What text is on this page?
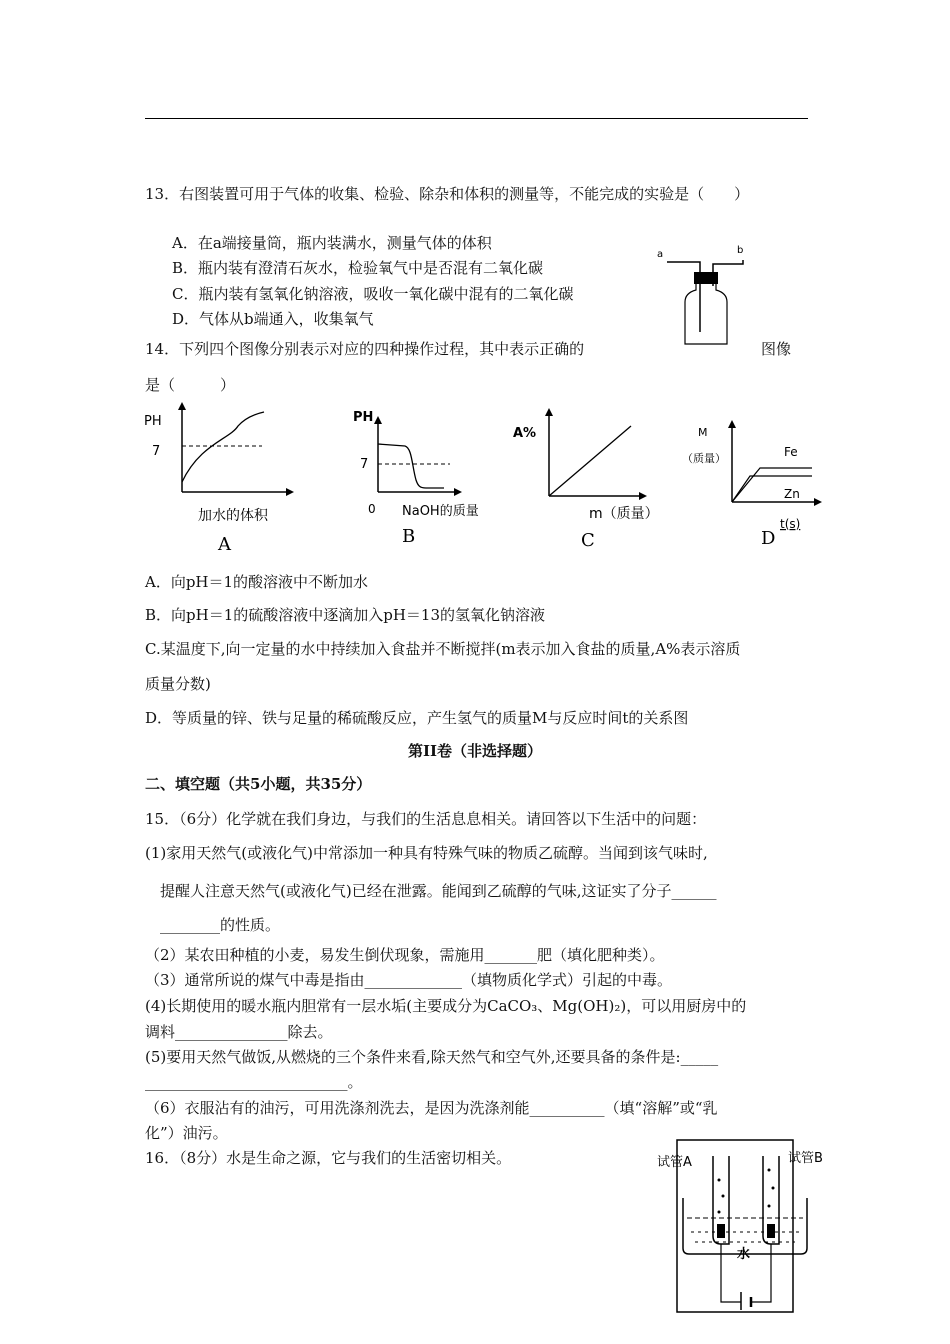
13．右图装置可用于气体的收集、检验、除杂和体积的测量等，不能完成的实验是（　　）
A．在a端接量筒，瓶内装满水，测量气体的体积
B．瓶内装有澄清石灰水，检验氧气中是否混有二氧化碳
C．瓶内装有氢氧化钠溶液，吸收一氧化碳中混有的二氧化碳
D．气体从b端通入，收集氧气
a	b
14．下列四个图像分别表示对应的四种操作过程，其中表示正确的	图像
是（　　　）
PH
7
加水的体积
A
PH
7
0 NaOH的质量
B
A%
m（质量）
C
M
（质量）	Fe
Zn
t(s)
D
A．向pH＝1的酸溶液中不断加水
B．向pH＝1的硫酸溶液中逐滴加入pH＝13的氢氧化钠溶液
C.某温度下,向一定量的水中持续加入食盐并不断搅拌(m表示加入食盐的质量,A%表示溶质
质量分数)
D．等质量的锌、铁与足量的稀硫酸反应，产生氢气的质量M与反应时间t的关系图
第II卷（非选择题）
二、填空题（共5小题，共35分）
15．（6分）化学就在我们身边，与我们的生活息息相关。请回答以下生活中的问题：
(1)家用天然气(或液化气)中常添加一种具有特殊气味的物质乙硫醇。当闻到该气味时,
提醒人注意天然气(或液化气)已经在泄露。能闻到乙硫醇的气味,这证实了分子______
________的性质。
（2）某农田种植的小麦，易发生倒伏现象，需施用_______肥（填化肥种类）。
（3）通常所说的煤气中毒是指由_____________（填物质化学式）引起的中毒。
(4)长期使用的暖水瓶内胆常有一层水垢(主要成分为CaCO₃、Mg(OH)₂)，可以用厨房中的
调料_______________除去。
(5)要用天然气做饭,从燃烧的三个条件来看,除天然气和空气外,还要具备的条件是:_____
___________________________。
（6）衣服沾有的油污，可用洗涤剂洗去，是因为洗涤剂能__________（填“溶解”或“乳
化”）油污。
16．（8分）水是生命之源，它与我们的生活密切相关。	试管A	试管B
水
